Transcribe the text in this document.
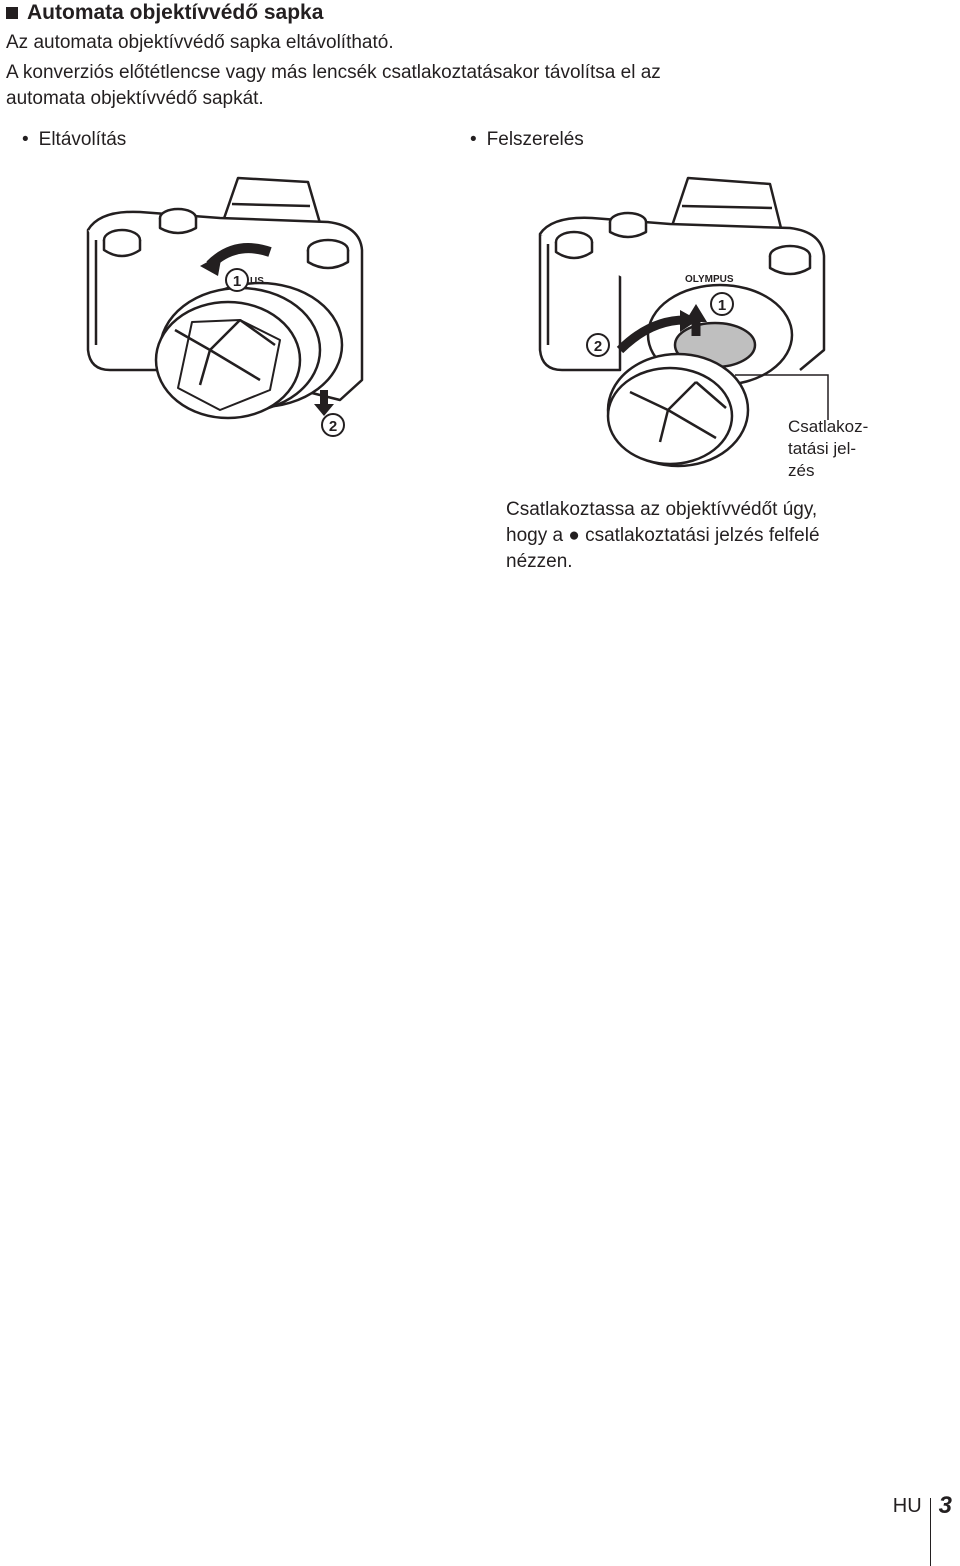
Automata objektívvédő sapka
Az automata objektívvédő sapka eltávolítható.
A konverziós előtétlencse vagy más lencsék csatlakoztatásakor távolítsa el az
automata objektívvédő sapkát.
• Eltávolítás	• Felszerelés
US
1
2
OLYMPUS
1
2
Csatlakoz-
tatási jel-
zés
Csatlakoztassa az objektívvédőt úgy,
hogy a ● csatlakoztatási jelzés felfelé
nézzen.
HU 3
